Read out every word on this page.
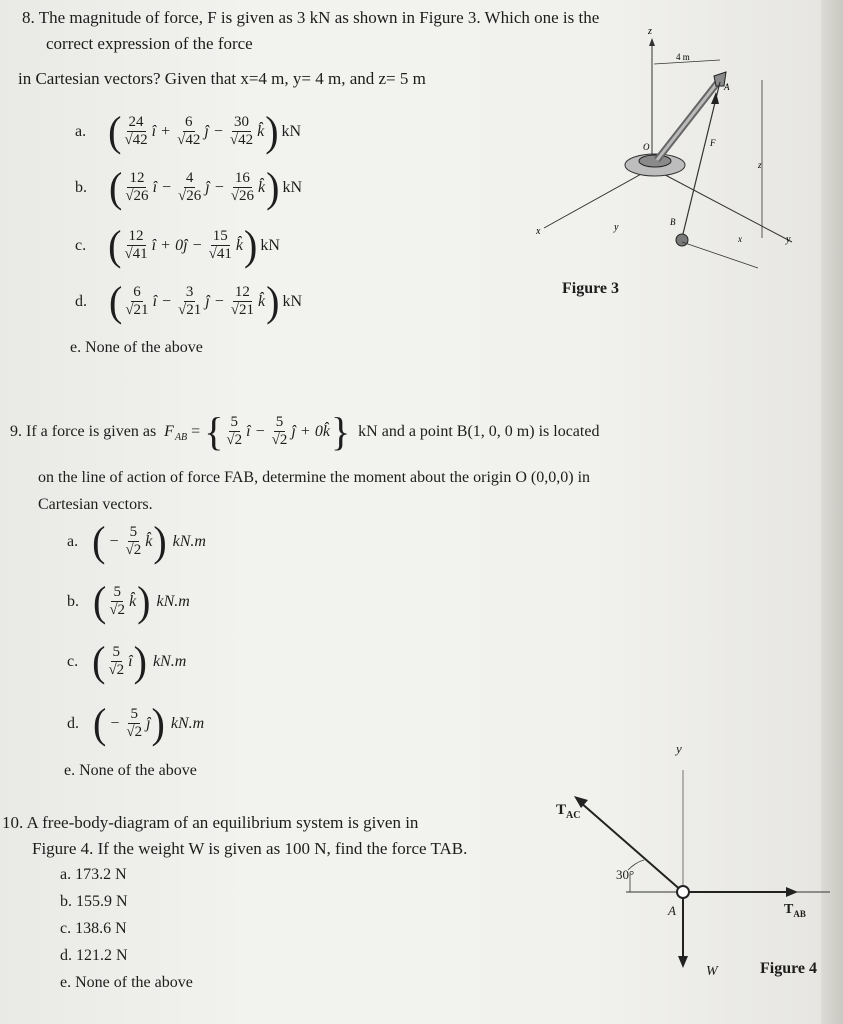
8. The magnitude of force, F is given as 3 kN as shown in Figure 3. Which one is the
correct expression of the force
in Cartesian vectors? Given that x=4 m, y= 4 m, and z= 5 m
a. ( $\frac{24}{√42}$ î + $\frac{6}{√42}$ ĵ − $\frac{30}{√42}$ k̂ ) kN
b. ( $\frac{12}{√26}$ î − $\frac{4}{√26}$ ĵ − $\frac{16}{√26}$ k̂ ) kN
c. ( $\frac{12}{√41}$ î + 0ĵ − $\frac{15}{√41}$ k̂ ) kN
d. ( $\frac{6}{√21}$ î − $\frac{3}{√21}$ ĵ − $\frac{12}{√21}$ k̂ ) kN
e. None of the above
z
x
y
y
O
A
4 m
F
B
z
x
Figure 3
9. If a force is given as F AB = { $\frac{5}{√2}$ î − $\frac{5}{√2}$ ĵ + 0k̂ } kN and a point B(1, 0, 0 m) is located
on the line of action of force FAB, determine the moment about the origin O (0,0,0) in
Cartesian vectors.
a. ( − $\frac{5}{√2}$ k̂ ) kN.m
b. ( $\frac{5}{√2}$ k̂ ) kN.m
c. ( $\frac{5}{√2}$ î ) kN.m
d. ( − $\frac{5}{√2}$ ĵ ) kN.m
e. None of the above
10. A free-body-diagram of an equilibrium system is given in
Figure 4. If the weight W is given as 100 N, find the force TAB.
a. 173.2 N
b. 155.9 N
c. 138.6 N
d. 121.2 N
e. None of the above
$T_{AC}$
y
30°
A	$T_{AB}$
W	Figure 4
